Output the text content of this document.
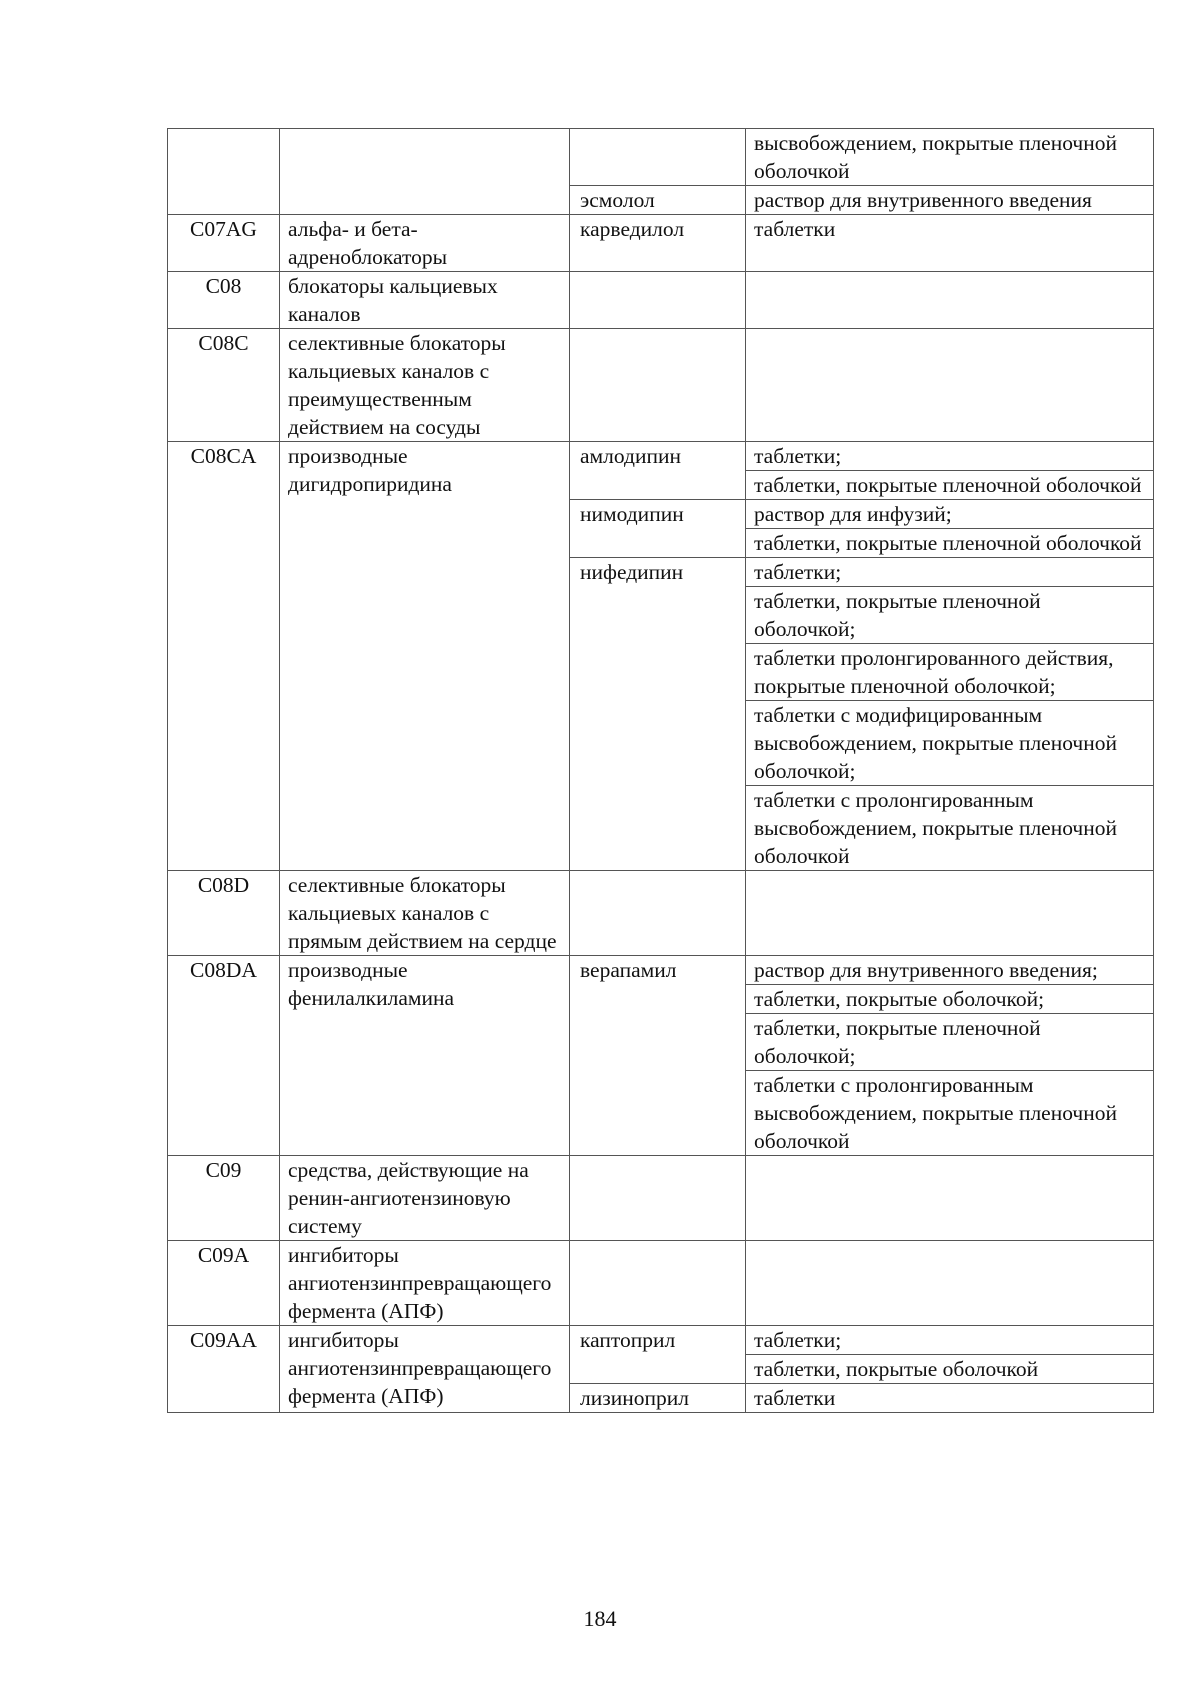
			высвобождением, покрытые пленочной оболочкой
		эсмолол	раствор для внутривенного введения
C07AG	альфа- и бета-адреноблокаторы	карведилол	таблетки
C08	блокаторы кальциевых каналов		
C08C	селективные блокаторы кальциевых каналов с преимущественным действием на сосуды		
C08CA	производные дигидропиридина	амлодипин	таблетки;
			таблетки, покрытые пленочной оболочкой
		нимодипин	раствор для инфузий;
			таблетки, покрытые пленочной оболочкой
		нифедипин	таблетки;
			таблетки, покрытые пленочной оболочкой;
			таблетки пролонгированного действия, покрытые пленочной оболочкой;
			таблетки с модифицированным высвобождением, покрытые пленочной оболочкой;
			таблетки с пролонгированным высвобождением, покрытые пленочной оболочкой
C08D	селективные блокаторы кальциевых каналов с прямым действием на сердце		
C08DA	производные фенилалкиламина	верапамил	раствор для внутривенного введения;
			таблетки, покрытые оболочкой;
			таблетки, покрытые пленочной оболочкой;
			таблетки с пролонгированным высвобождением, покрытые пленочной оболочкой
C09	средства, действующие на ренин-ангиотензиновую систему		
C09A	ингибиторы ангиотензинпревращающего фермента (АПФ)		
C09AA	ингибиторы ангиотензинпревращающего фермента (АПФ)	каптоприл	таблетки;
			таблетки, покрытые оболочкой
		лизиноприл	таблетки
184
